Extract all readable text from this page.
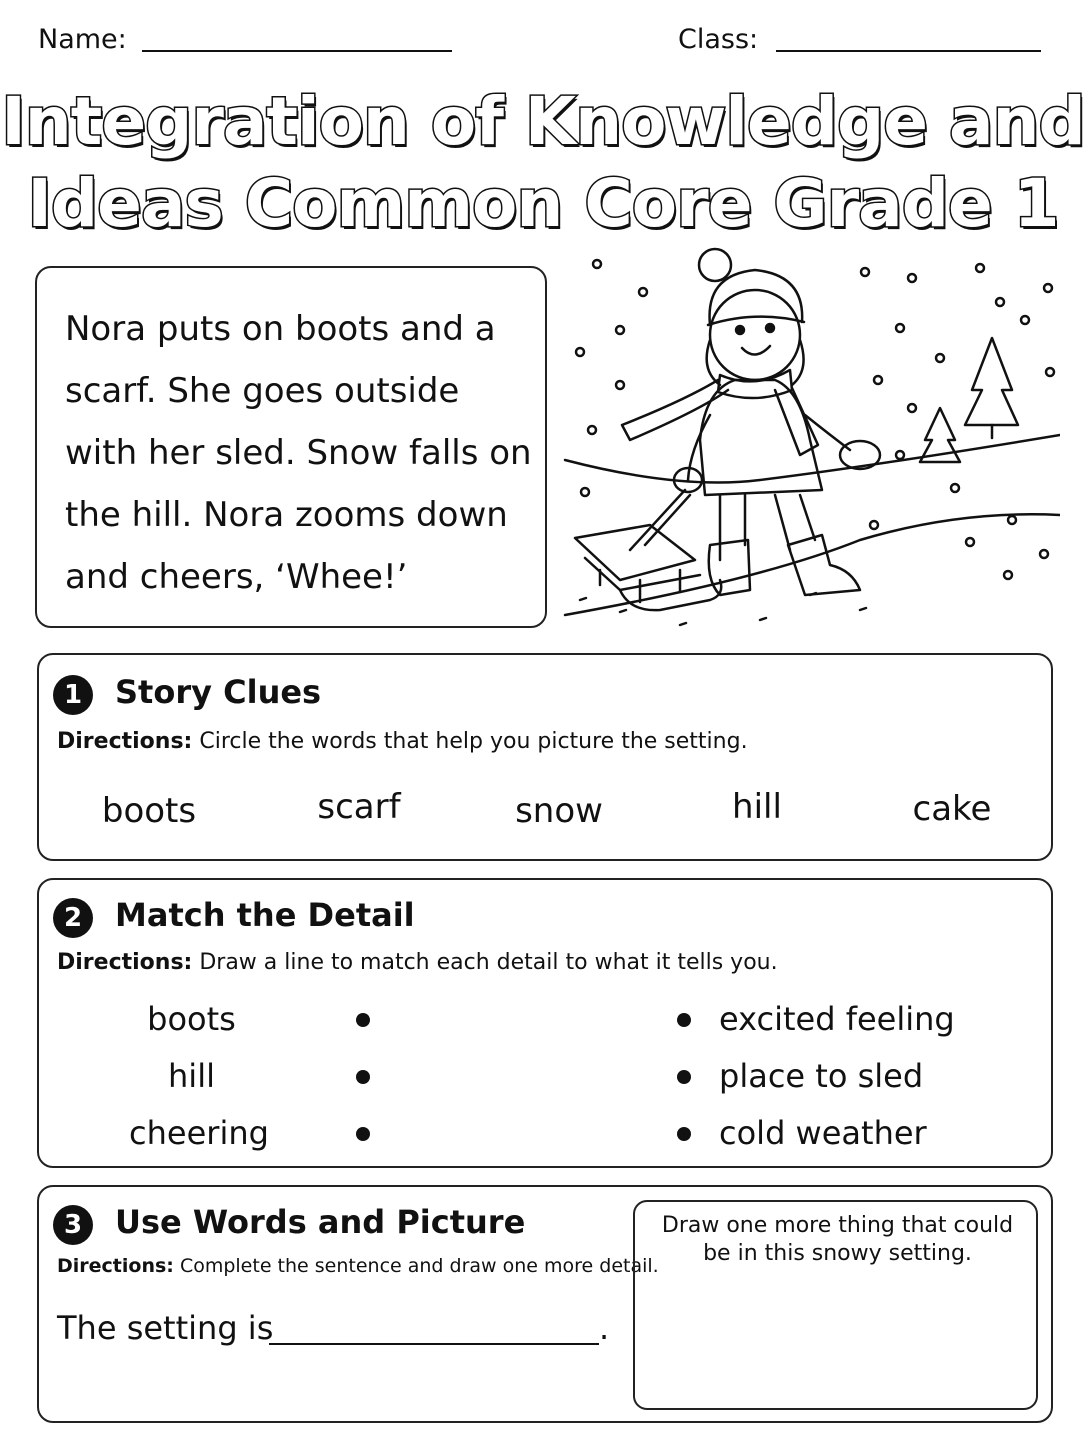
Name:	Class:
Integration of Knowledge and
Ideas Common Core Grade 1
Nora puts on boots and a scarf. She goes outside with her sled. Snow falls on the hill. Nora zooms down and cheers, ‘Whee!’
1	Story Clues
Directions: Circle the words that help you picture the setting.
boots	scarf	snow	hill	cake
2	Match the Detail
Directions: Draw a line to match each detail to what it tells you.
boots
hill
cheering
excited feeling
place to sled
cold weather
3	Use Words and Picture
Directions: Complete the sentence and draw one more detail.
The setting is	.
Draw one more thing that could be in this snowy setting.
